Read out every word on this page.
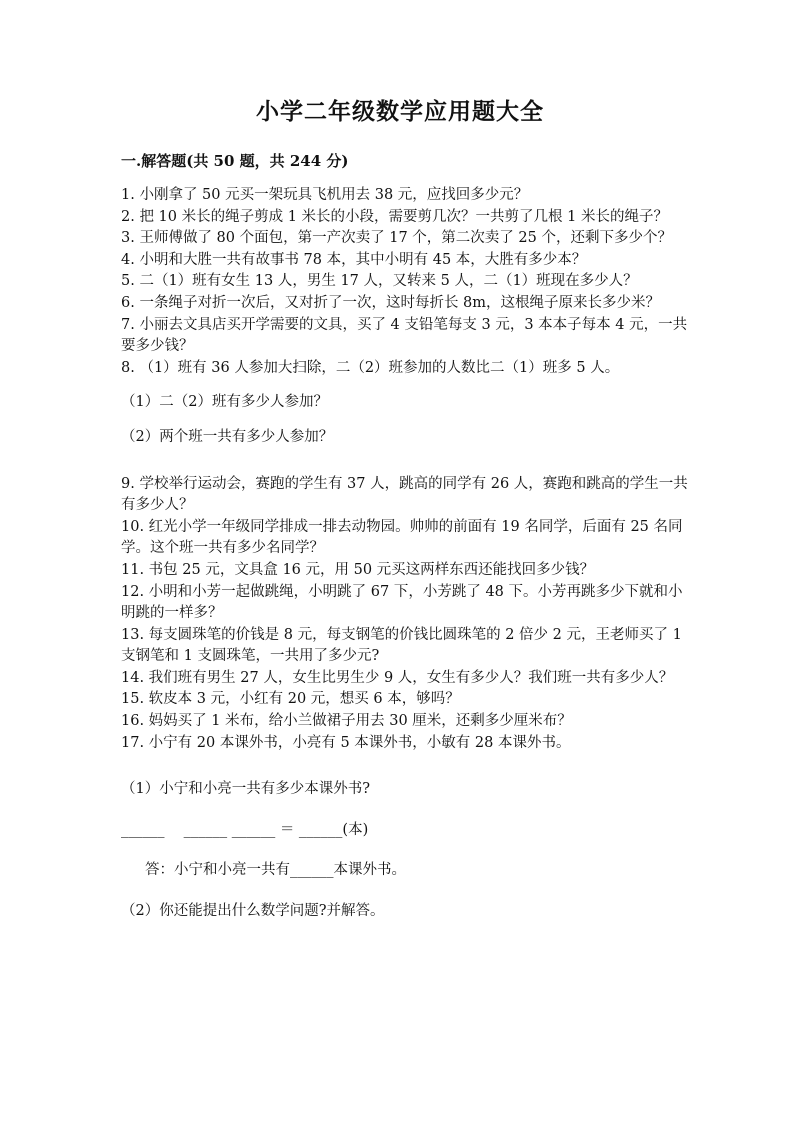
小学二年级数学应用题大全
一.解答题(共 50 题，共 244 分)

1. 小刚拿了 50 元买一架玩具飞机用去 38 元，应找回多少元？

2. 把 10 米长的绳子剪成 1 米长的小段，需要剪几次？一共剪了几根 1 米长的绳子？

3. 王师傅做了 80 个面包，第一产次卖了 17 个，第二次卖了 25 个，还剩下多少个？

4. 小明和大胜一共有故事书 78 本，其中小明有 45 本，大胜有多少本？

5. 二（1）班有女生 13 人，男生 17 人，又转来 5 人，二（1）班现在多少人？

6. 一条绳子对折一次后，又对折了一次，这时每折长 8m，这根绳子原来长多少米？

7. 小丽去文具店买开学需要的文具，买了 4 支铅笔每支 3 元，3 本本子每本 4 元，一共要多少钱？

8. （1）班有 36 人参加大扫除，二（2）班参加的人数比二（1）班多 5 人。

（1）二（2）班有多少人参加？

（2）两个班一共有多少人参加？

9. 学校举行运动会，赛跑的学生有 37 人，跳高的同学有 26 人，赛跑和跳高的学生一共有多少人？

10. 红光小学一年级同学排成一排去动物园。帅帅的前面有 19 名同学，后面有 25 名同学。这个班一共有多少名同学？

11. 书包 25 元，文具盒 16 元，用 50 元买这两样东西还能找回多少钱？

12. 小明和小芳一起做跳绳，小明跳了 67 下，小芳跳了 48 下。小芳再跳多少下就和小明跳的一样多？

13. 每支圆珠笔的价钱是 8 元，每支钢笔的价钱比圆珠笔的 2 倍少 2 元，王老师买了 1 支钢笔和 1 支圆珠笔，一共用了多少元?

14. 我们班有男生 27 人，女生比男生少 9 人，女生有多少人？我们班一共有多少人？

15. 软皮本 3 元，小红有 20 元，想买 6 本，够吗？

16. 妈妈买了 1 米布，给小兰做裙子用去 30 厘米，还剩多少厘米布？

17. 小宁有 20 本课外书，小亮有 5 本课外书，小敏有 28 本课外书。

（1）小宁和小亮一共有多少本课外书?

______　 ______ ______ ＝ ______(本)

答：小宁和小亮一共有______本课外书。

（2）你还能提出什么数学问题?并解答。
